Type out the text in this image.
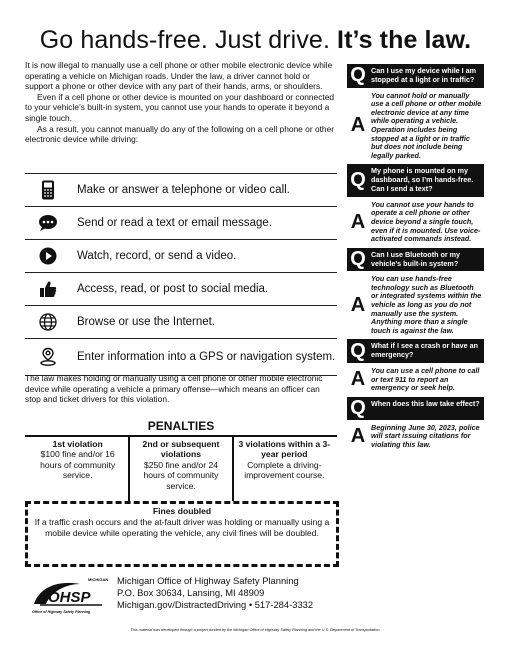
Go hands-free. Just drive. It’s the law.

It is now illegal to manually use a cell phone or other mobile electronic device while operating a vehicle on Michigan roads. Under the law, a driver cannot hold or support a phone or other device with any part of their hands, arms, or shoulders.

Even if a cell phone or other device is mounted on your dashboard or connected to your vehicle’s built-in system, you cannot use your hands to operate it beyond a single touch.

As a result, you cannot manually do any of the following on a cell phone or other electronic device while driving:

Make or answer a telephone or video call.
Send or read a text or email message.
Watch, record, or send a video.
Access, read, or post to social media.
Browse or use the Internet.
Enter information into a GPS or navigation system.
The law makes holding or manually using a cell phone or other mobile electronic device while operating a vehicle a primary offense—which means an officer can stop and ticket drivers for this violation.
PENALTIES
1st violation
$100 fine and/or 16 hours of community service.
2nd or subsequent violations
$250 fine and/or 24 hours of community service.
3 violations within a 3-year period
Complete a driving-improvement course.
Fines doubled
If a traffic crash occurs and the at-fault driver was holding or manually using a mobile device while operating the vehicle, any civil fines will be doubled.
MICHIGAN
OHSP
Office of Highway Safety Planning
Michigan Office of Highway Safety Planning
P.O. Box 30634, Lansing, MI 48909
Michigan.gov/DistractedDriving • 517-284-3332
This material was developed through a project funded by the Michigan Office of Highway Safety Planning and the U.S. Department of Transportation.
Q Can I use my device while I am stopped at a light or in traffic?
A
You cannot hold or manually use a cell phone or other mobile electronic device at any time while operating a vehicle. Operation includes being stopped at a light or in traffic but does not include being legally parked.
Q My phone is mounted on my dashboard, so I’m hands-free. Can I send a text?
A
You cannot use your hands to operate a cell phone or other device beyond a single touch, even if it is mounted. Use voice-activated commands instead.
Q Can I use Bluetooth or my vehicle’s built-in system?
A
You can use hands-free technology such as Bluetooth or integrated systems within the vehicle as long as you do not manually use the system. Anything more than a single touch is against the law.
Q What if I see a crash or have an emergency?
A You can use a cell phone to call or text 911 to report an emergency or seek help.
Q When does this law take effect?
A Beginning June 30, 2023, police will start issuing citations for violating this law.
